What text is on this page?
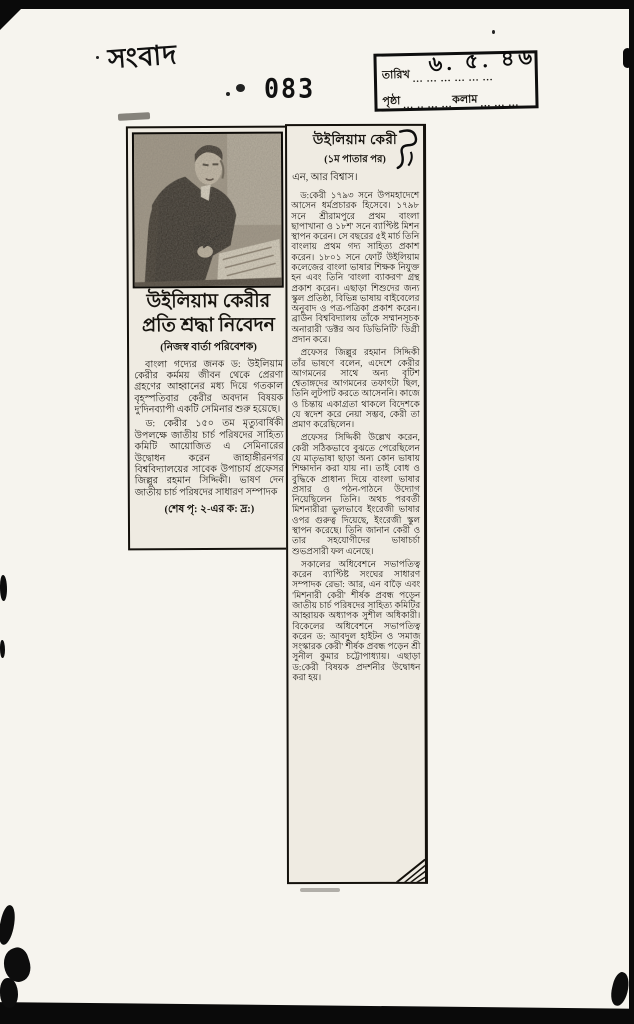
সংবাদ
083	তারিখ ... ... ... ... ... ...
পৃষ্ঠা ... .. ... ... কলাম ... ... ...
৬. ৫. ৪৬
উইলিয়াম কেরীর
প্রতি শ্রদ্ধা নিবেদন
(নিজস্ব বার্তা পরিবেশক)

বাংলা গদ্যের জনক ড: উইলিয়াম কেরীর কর্মময় জীবন থেকে প্রেরণা গ্রহণের আহ্বানের মধ্য দিয়ে গতকাল বৃহস্পতিবার কেরীর অবদান বিষয়ক দু'দিনব্যাপী একটি সেমিনার শুরু হয়েছে।

ড: কেরীর ১৫০ তম মৃত্যুবার্ষিকী উপলক্ষে জাতীয় চার্চ পরিষদের সাহিত্য কমিটি আয়োজিত এ সেমিনারের উদ্বোধন করেন জাহাঙ্গীরনগর বিশ্ববিদ্যালয়ের সাবেক উপাচার্য প্রফেসর জিল্লুর রহমান সিদ্দিকী। ভাষণ দেন জাতীয় চার্চ পরিষদের সাধারণ সম্পাদক

(শেষ পৃ: ২-এর ক: দ্র:)
উইলিয়াম কেরী
(১ম পাতার পর)
এন, আর বিশ্বাস।

ড:কেরী ১৭৯৩ সনে উপমহাদেশে আসেন ধর্মপ্রচারক হিসেবে। ১৭৯৮ সনে শ্রীরামপুরে প্রথম বাংলা ছাপাখানা ও ১৮শ' সনে ব্যাপ্টিষ্ট মিশন স্থাপন করেন। সে বছরের ৫ই মার্চ তিনি বাংলায় প্রথম গদ্য সাহিত্য প্রকাশ করেন। ১৮০১ সনে ফোর্ট উইলিয়াম কলেজের বাংলা ভাষার শিক্ষক নিযুক্ত হন এবং তিনি 'বাংলা ব্যাকরণ' গ্রন্থ প্রকাশ করেন। এছাড়া শিশুদের জন্য স্কুল প্রতিষ্ঠা, বিভিন্ন ভাষায় বাইবেলের অনুবাদ ও পত্র-পত্রিকা প্রকাশ করেন। ব্রাউন বিশ্ববিদ্যালয় তাঁকে সম্মানসূচক অনারারী 'ডক্টর অব ডিভিনিটি' ডিগ্রী প্রদান করে।

প্রফেসর জিল্লুর রহমান সিদ্দিকী তাঁর ভাষণে বলেন, এদেশে কেরীর আগমনের সাথে অন্য বৃটিশ শ্বেতাঙ্গদের আগমনের তফাৎটা ছিল, তিনি লুটপাট করতে আসেননি। কাজে ও চিন্তায় একাগ্রতা থাকলে বিদেশকে যে স্বদেশ করে নেয়া সম্ভব, কেরী তা প্রমাণ করেছিলেন।

প্রফেসর সিদ্দিকী উল্লেখ করেন, কেরী সঠিকভাবে বুঝতে পেরেছিলেন যে মাতৃভাষা ছাড়া অন্য কোন ভাষায় শিক্ষাদান করা যায় না। তাই বোধ ও বুদ্ধিকে প্রাধান্য দিয়ে বাংলা ভাষার প্রসার ও পঠন-পাঠনে উদ্যোগ নিয়েছিলেন তিনি। অথচ পরবর্তী মিশনারীরা ভুলভাবে ইংরেজী ভাষার ওপর গুরুত্ব দিয়েছে, ইংরেজী স্কুল স্থাপন করেছে। তিনি জানান কেরী ও তার সহযোগীদের ভাষাচর্চা শুভপ্রসারী ফল এনেছে।

সকালের অধিবেশনে সভাপতিত্ব করেন ব্যাপ্টিষ্ট সংঘের সাধারণ সম্পাদক রেভা: আর, এন বাড়ৈ এবং 'মিশনারী কেরী' শীর্ষক প্রবন্ধ পড়েন জাতীয় চার্চ পরিষদের সাহিত্য কমিটির আহ্বায়ক অধ্যাপক সুশীল অধিকারী। বিকেলের অধিবেশনে সভাপতিত্ব করেন ড: আবদুল হাইটন ও 'সমাজ সংস্কারক কেরী' শীর্ষক প্রবন্ধ পড়েন শ্রী সুনীল কুমার চট্টোপাধ্যায়। এছাড়া ড:কেরী বিষয়ক প্রদর্শনীর উদ্বোধন করা হয়।
